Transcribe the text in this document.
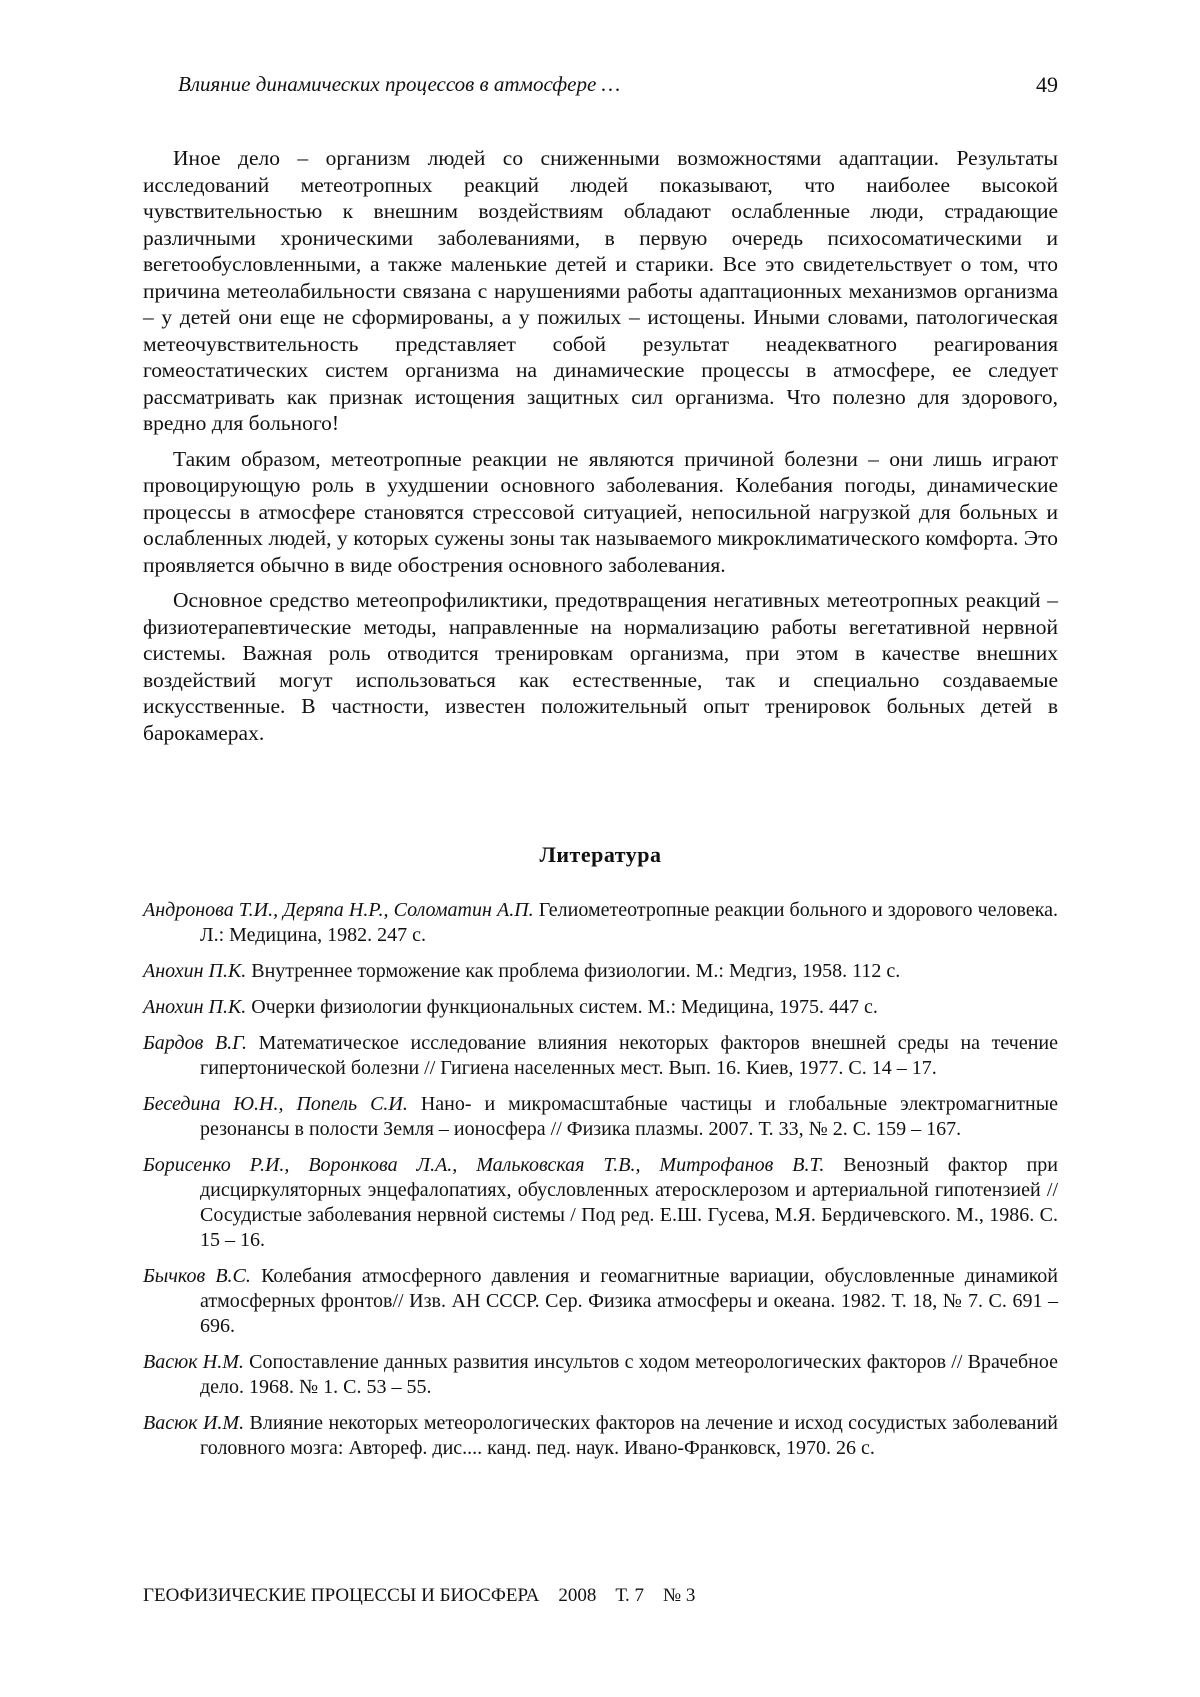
Влияние динамических процессов в атмосфере …	49

Иное дело – организм людей со сниженными возможностями адаптации. Результаты исследований метеотропных реакций людей показывают, что наиболее высокой чувствительностью к внешним воздействиям обладают ослабленные люди, страдающие различными хроническими заболеваниями, в первую очередь психосоматическими и вегетообусловленными, а также маленькие детей и старики. Все это свидетельствует о том, что причина метеолабильности связана с нарушениями работы адаптационных механизмов организма – у детей они еще не сформированы, а у пожилых – истощены. Иными словами, патологическая метеочувствительность представляет собой результат неадекватного реагирования гомеостатических систем организма на динамические процессы в атмосфере, ее следует рассматривать как признак истощения защитных сил организма. Что полезно для здорового, вредно для больного!

Таким образом, метеотропные реакции не являются причиной болезни – они лишь играют провоцирующую роль в ухудшении основного заболевания. Колебания погоды, динамические процессы в атмосфере становятся стрессовой ситуацией, непосильной нагрузкой для больных и ослабленных людей, у которых сужены зоны так называемого микроклиматического комфорта. Это проявляется обычно в виде обострения основного заболевания.

Основное средство метеопрофиликтики, предотвращения негативных метеотропных реакций – физиотерапевтические методы, направленные на нормализацию работы вегетативной нервной системы. Важная роль отводится тренировкам организма, при этом в качестве внешних воздействий могут использоваться как естественные, так и специально создаваемые искусственные. В частности, известен положительный опыт тренировок больных детей в барокамерах.

Литература

Андронова Т.И., Деряпа Н.Р., Соломатин А.П. Гелиометеотропные реакции больного и здорового человека. Л.: Медицина, 1982. 247 с.

Анохин П.К. Внутреннее торможение как проблема физиологии. М.: Медгиз, 1958. 112 с.

Анохин П.К. Очерки физиологии функциональных систем. М.: Медицина, 1975. 447 с.

Бардов В.Г. Математическое исследование влияния некоторых факторов внешней среды на течение гипертонической болезни // Гигиена населенных мест. Вып. 16. Киев, 1977. С. 14 – 17.

Беседина Ю.Н., Попель С.И. Нано- и микромасштабные частицы и глобальные электромагнитные резонансы в полости Земля – ионосфера // Физика плазмы. 2007. Т. 33, № 2. С. 159 – 167.

Борисенко Р.И., Воронкова Л.А., Мальковская Т.В., Митрофанов В.Т. Венозный фактор при дисциркуляторных энцефалопатиях, обусловленных атеросклерозом и артериальной гипотензией // Сосудистые заболевания нервной системы / Под ред. Е.Ш. Гусева, М.Я. Бердичевского. М., 1986. С. 15 – 16.

Бычков В.С. Колебания атмосферного давления и геомагнитные вариации, обусловленные динамикой атмосферных фронтов// Изв. АН СССР. Сер. Физика атмосферы и океана. 1982. Т. 18, № 7. С. 691 – 696.

Васюк Н.М. Сопоставление данных развития инсультов с ходом метеорологических факторов // Врачебное дело. 1968. № 1. С. 53 – 55.

Васюк И.М. Влияние некоторых метеорологических факторов на лечение и исход сосудистых заболеваний головного мозга: Автореф. дис.... канд. пед. наук. Ивано-Франковск, 1970. 26 с.

ГЕОФИЗИЧЕСКИЕ ПРОЦЕССЫ И БИОСФЕРА 2008 Т. 7 № 3
